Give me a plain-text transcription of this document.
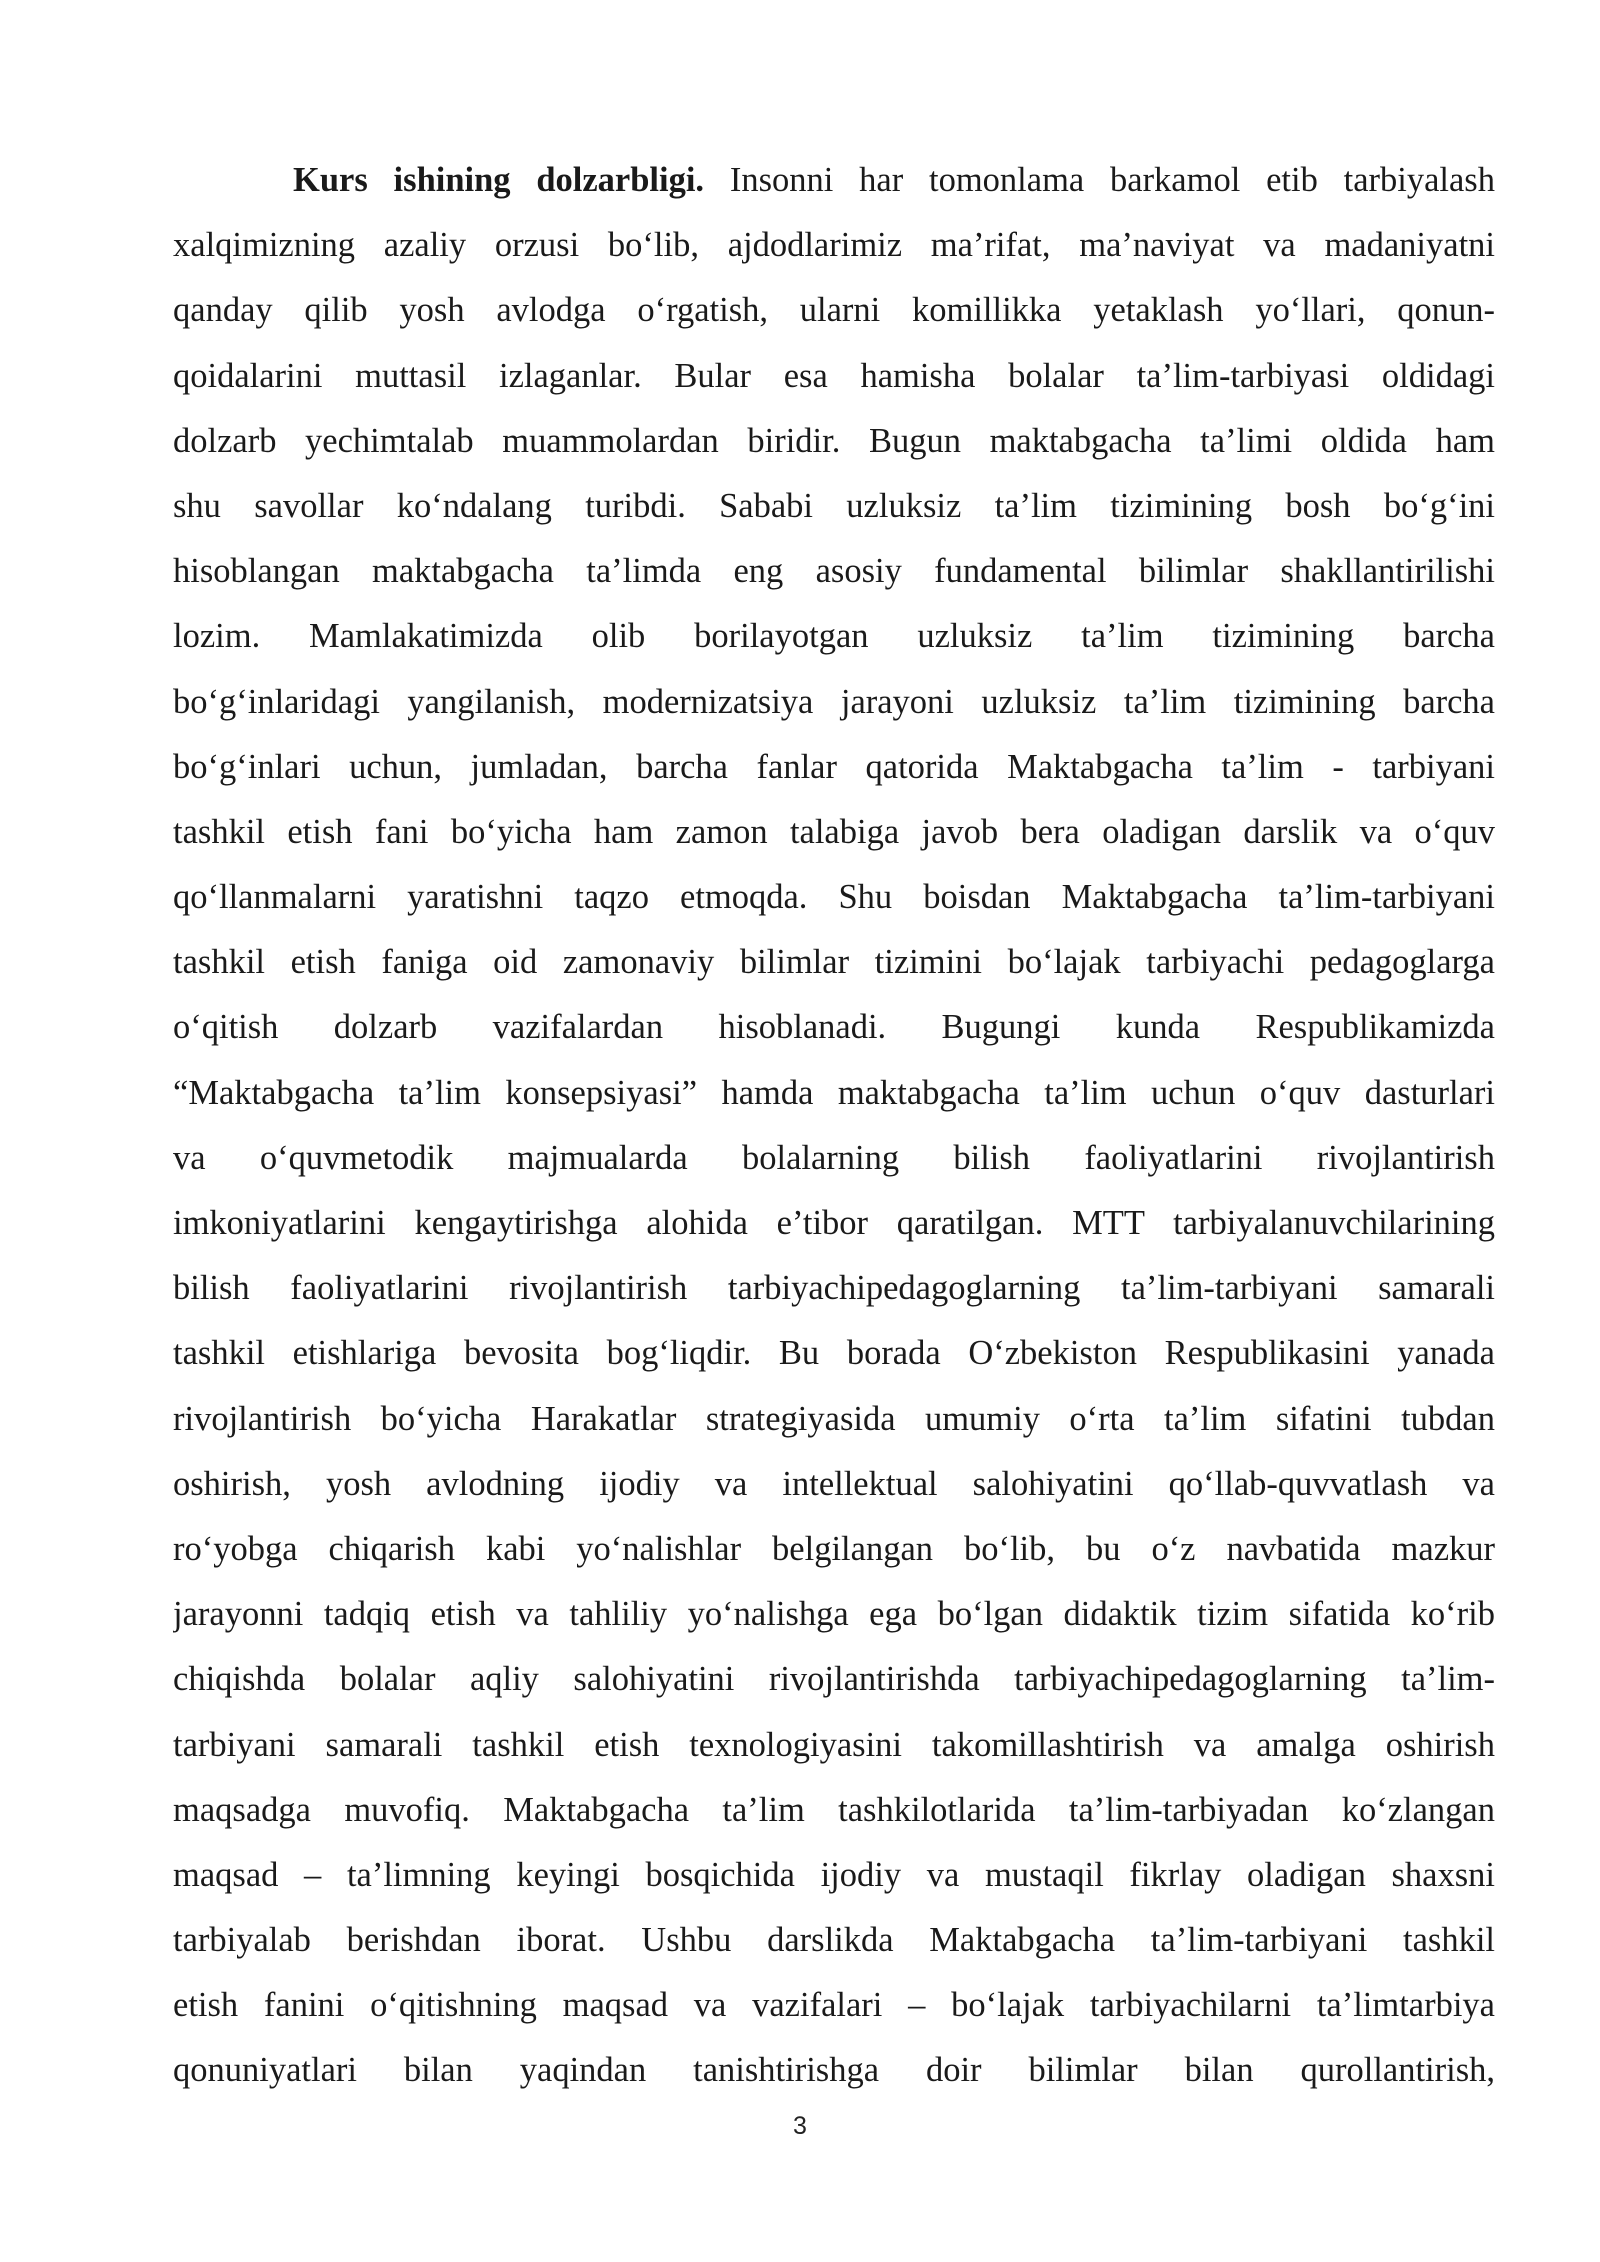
Kurs ishining dolzarbligi. Insonni har tomonlama barkamol etib tarbiyalash
xalqimizning azaliy orzusi bo‘lib, ajdodlarimiz ma’rifat, ma’naviyat va madaniyatni
qanday qilib yosh avlodga o‘rgatish, ularni komillikka yetaklash yo‘llari, qonun-
qoidalarini muttasil izlaganlar. Bular esa hamisha bolalar ta’lim-tarbiyasi oldidagi
dolzarb yechimtalab muammolardan biridir. Bugun maktabgacha ta’limi oldida ham
shu savollar ko‘ndalang turibdi. Sababi uzluksiz ta’lim tizimining bosh bo‘g‘ini
hisoblangan maktabgacha ta’limda eng asosiy fundamental bilimlar shakllantirilishi
lozim. Mamlakatimizda olib borilayotgan uzluksiz ta’lim tizimining barcha
bo‘g‘inlaridagi yangilanish, modernizatsiya jarayoni uzluksiz ta’lim tizimining barcha
bo‘g‘inlari uchun, jumladan, barcha fanlar qatorida Maktabgacha ta’lim - tarbiyani
tashkil etish fani bo‘yicha ham zamon talabiga javob bera oladigan darslik va o‘quv
qo‘llanmalarni yaratishni taqzo etmoqda. Shu boisdan Maktabgacha ta’lim-tarbiyani
tashkil etish faniga oid zamonaviy bilimlar tizimini bo‘lajak tarbiyachi pedagoglarga
o‘qitish dolzarb vazifalardan hisoblanadi. Bugungi kunda Respublikamizda
“Maktabgacha ta’lim konsepsiyasi” hamda maktabgacha ta’lim uchun o‘quv dasturlari
va o‘quvmetodik majmualarda bolalarning bilish faoliyatlarini rivojlantirish
imkoniyatlarini kengaytirishga alohida e’tibor qaratilgan. MTT tarbiyalanuvchilarining
bilish faoliyatlarini rivojlantirish tarbiyachipedagoglarning ta’lim-tarbiyani samarali
tashkil etishlariga bevosita bog‘liqdir. Bu borada O‘zbekiston Respublikasini yanada
rivojlantirish bo‘yicha Harakatlar strategiyasida umumiy o‘rta ta’lim sifatini tubdan
oshirish, yosh avlodning ijodiy va intellektual salohiyatini qo‘llab-quvvatlash va
ro‘yobga chiqarish kabi yo‘nalishlar belgilangan bo‘lib, bu o‘z navbatida mazkur
jarayonni tadqiq etish va tahliliy yo‘nalishga ega bo‘lgan didaktik tizim sifatida ko‘rib
chiqishda bolalar aqliy salohiyatini rivojlantirishda tarbiyachipedagoglarning ta’lim-
tarbiyani samarali tashkil etish texnologiyasini takomillashtirish va amalga oshirish
maqsadga muvofiq. Maktabgacha ta’lim tashkilotlarida ta’lim-tarbiyadan ko‘zlangan
maqsad – ta’limning keyingi bosqichida ijodiy va mustaqil fikrlay oladigan shaxsni
tarbiyalab berishdan iborat. Ushbu darslikda Maktabgacha ta’lim-tarbiyani tashkil
etish fanini o‘qitishning maqsad va vazifalari – bo‘lajak tarbiyachilarni ta’limtarbiya
qonuniyatlari bilan yaqindan tanishtirishga doir bilimlar bilan qurollantirish,
3
